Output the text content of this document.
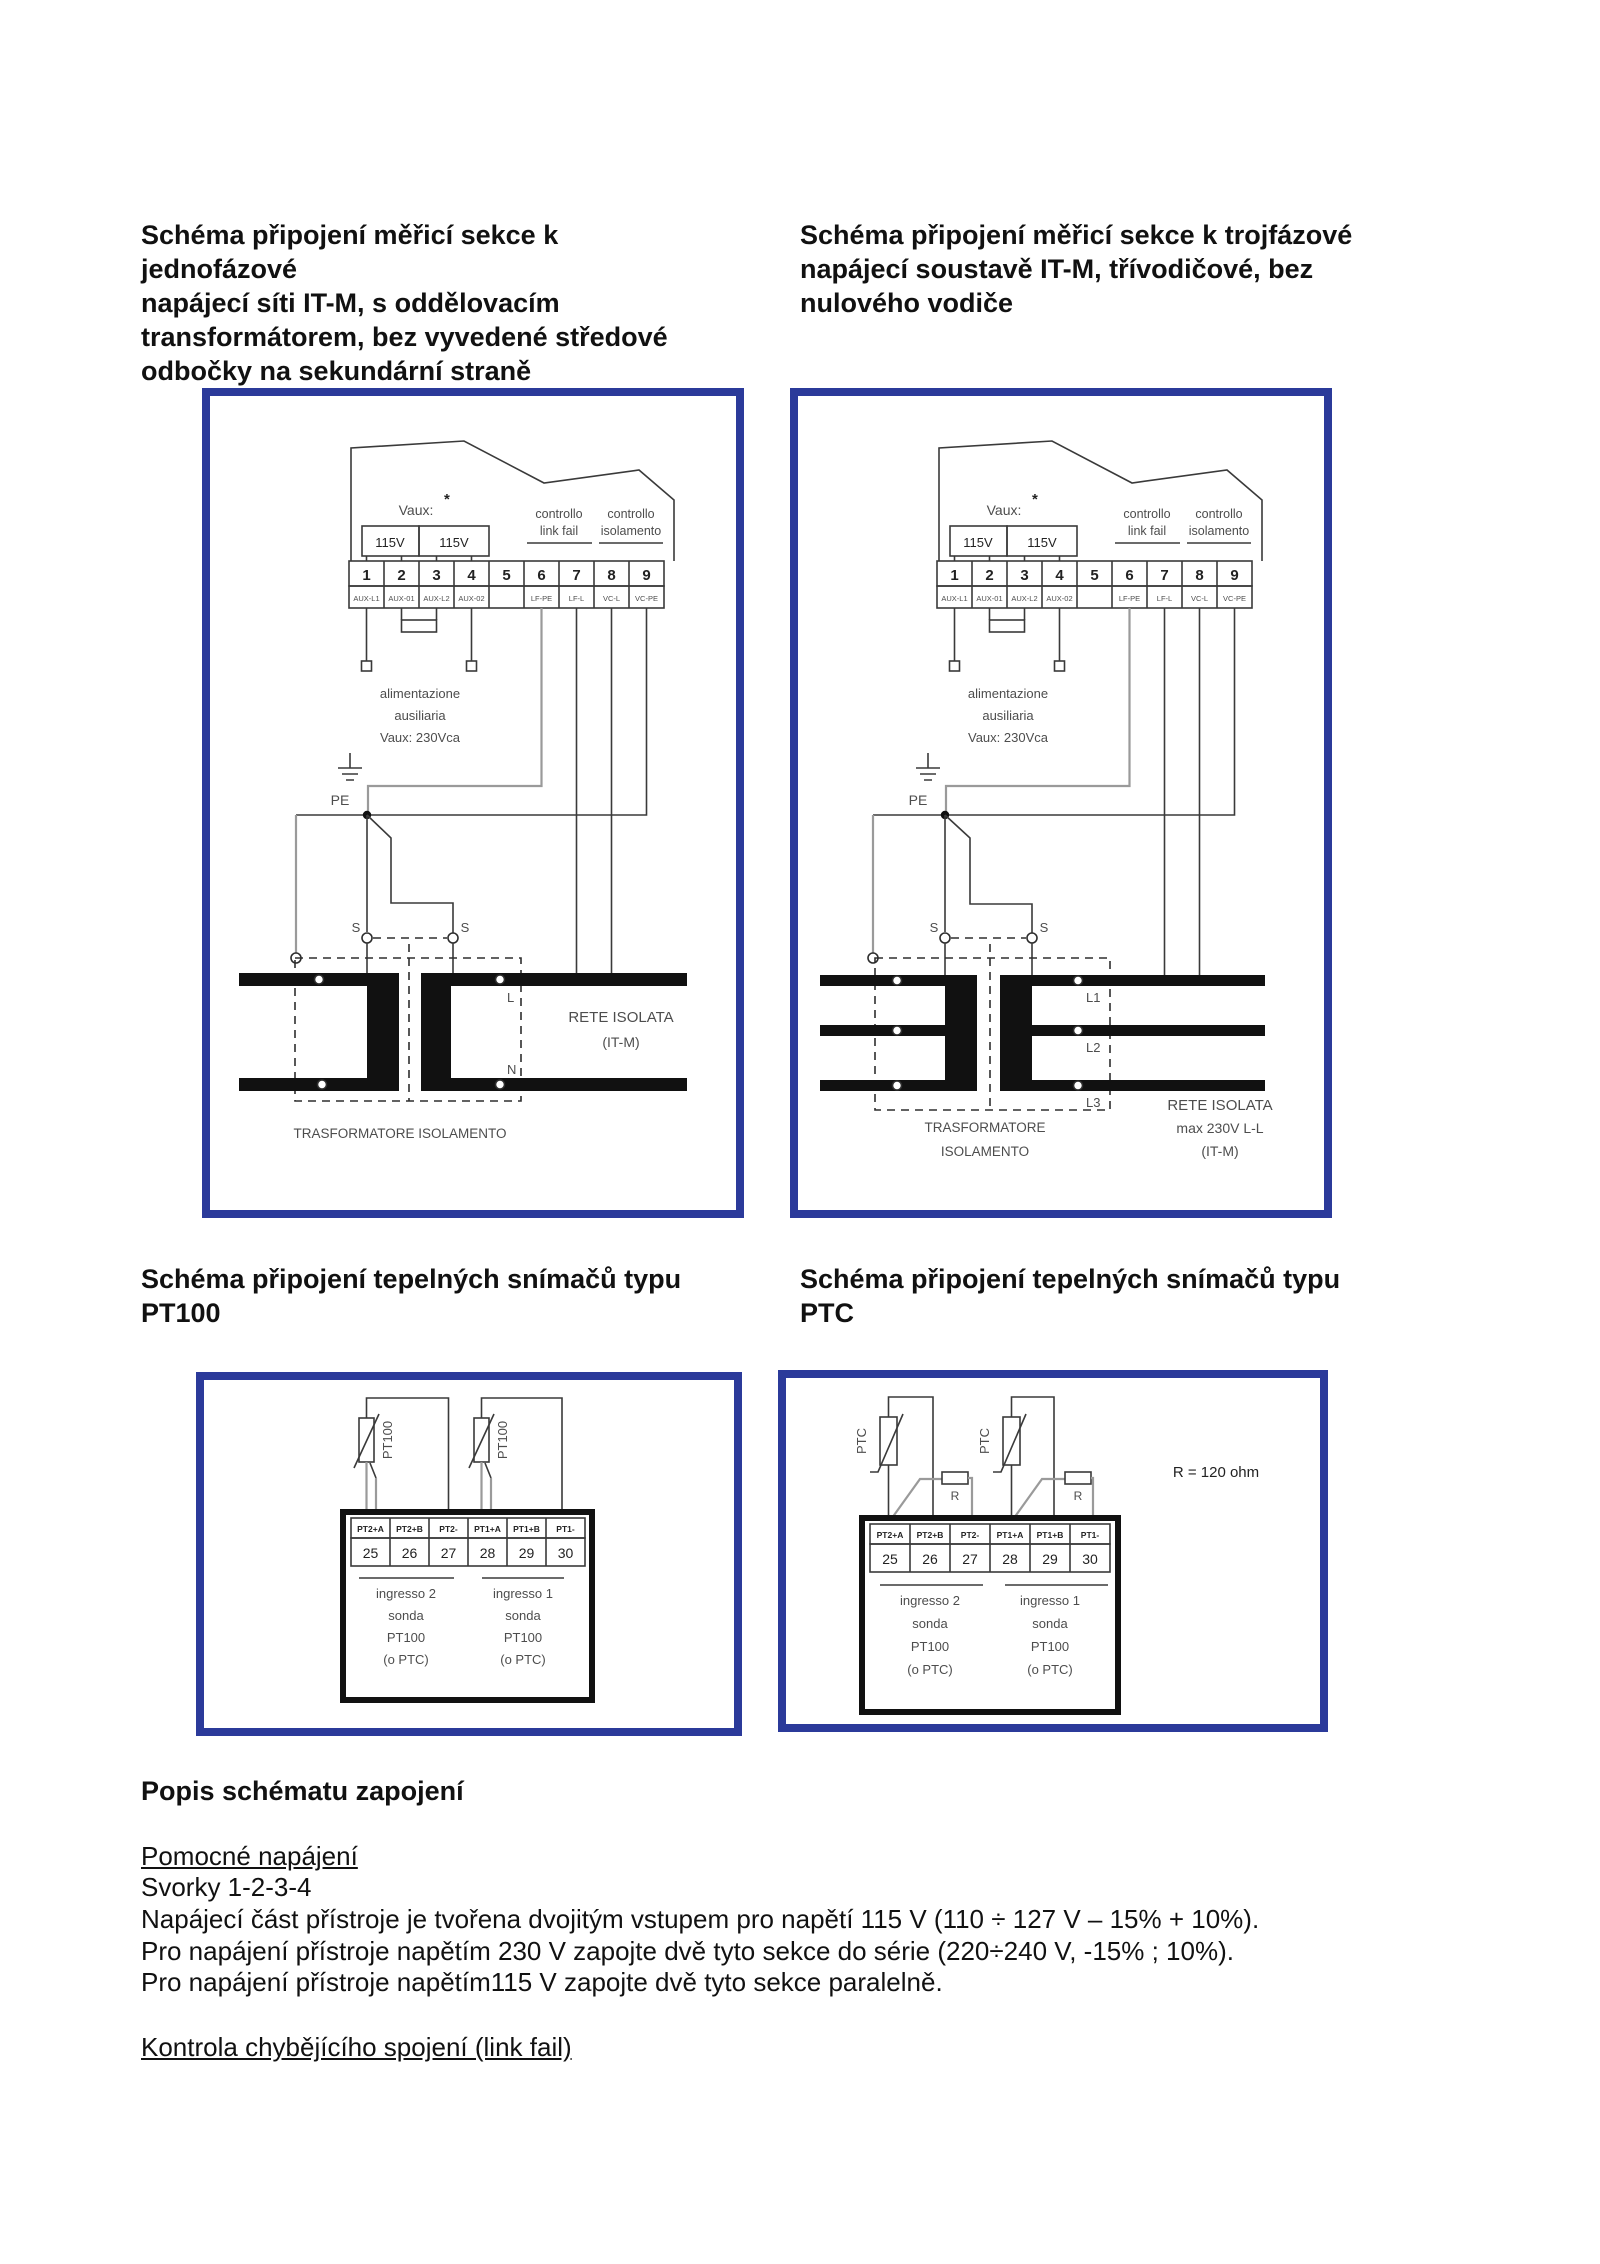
Schéma připojení měřicí sekce k jednofázové
napájecí síti IT-M, s oddělovacím
transformátorem, bez vyvedené středové
odbočky na sekundární straně
Schéma připojení měřicí sekce k trojfázové
napájecí soustavě IT-M, třívodičové, bez
nulového vodiče
Vaux:
*
115V	115V
controllo
link fail
controllo
isolamento
1 2 3 4 5 6 7 8 9
AUX-L1 AUX-01 AUX-L2 AUX-02	LF-PE LF-L VC-L VC-PE
alimentazione
ausiliaria
Vaux: 230Vca
PE
S	S
L
N
RETE ISOLATA
(IT-M)
TRASFORMATORE ISOLAMENTO
Vaux:
*
115V	115V
controllo
link fail
controllo
isolamento
1 2 3 4 5 6 7 8 9
AUX-L1 AUX-01 AUX-L2 AUX-02	LF-PE LF-L VC-L VC-PE
alimentazione
ausiliaria
Vaux: 230Vca
PE
S	S
L1
L2
L3	RETE ISOLATA
max 230V L-L
(IT-M)
TRASFORMATORE
ISOLAMENTO
Schéma připojení tepelných snímačů typu
PT100
Schéma připojení tepelných snímačů typu
PTC
PT100	PT100
PT2+A PT2+B PT2- PT1+A PT1+B PT1-
25 26 27 28 29 30
ingresso 2
sonda
PT100
(o PTC)
ingresso 1
sonda
PT100
(o PTC)
PTC
R
PTC
R
R = 120 ohm
PT2+A PT2+B PT2- PT1+A PT1+B PT1-
25 26 27 28 29 30
ingresso 2
sonda
PT100
(o PTC)
ingresso 1
sonda
PT100
(o PTC)
Popis schématu zapojení
Pomocné napájení
Svorky 1-2-3-4
Napájecí část přístroje je tvořena dvojitým vstupem pro napětí 115 V (110 ÷ 127 V – 15% + 10%).
Pro napájení přístroje napětím 230 V zapojte dvě tyto sekce do série (220÷240 V, -15% ; 10%).
Pro napájení přístroje napětím115 V zapojte dvě tyto sekce paralelně.
Kontrola chybějícího spojení (link fail)
